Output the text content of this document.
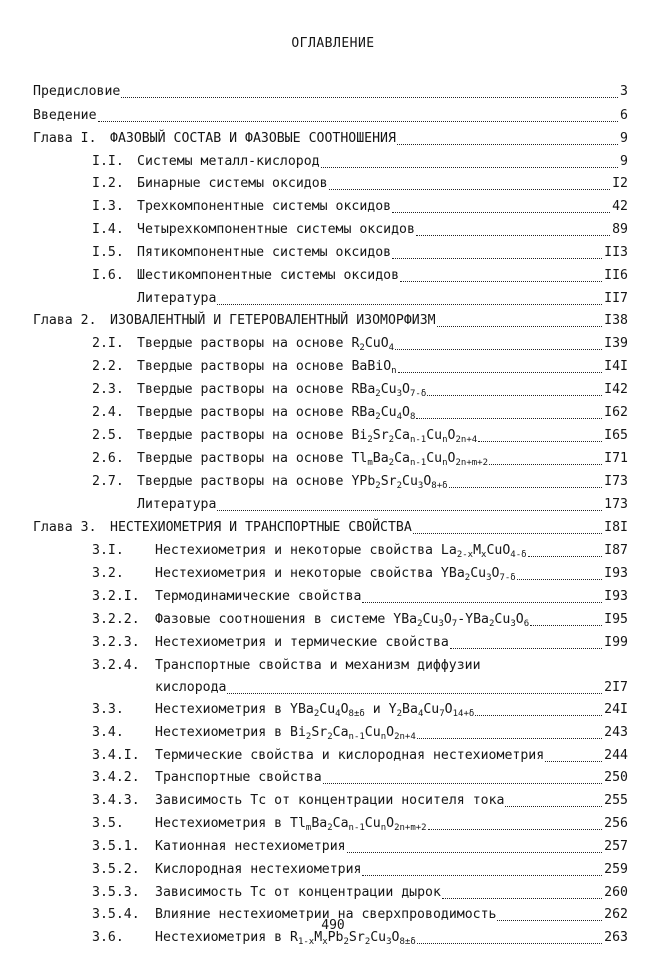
ОГЛАВЛЕНИЕ
Предисловие	3
Введение	6
Глава I.	ФАЗОВЫЙ СОСТАВ И ФАЗОВЫЕ СООТНОШЕНИЯ	9
I.I.	Системы металл-кислород	9
I.2.	Бинарные системы оксидов	I2
I.3.	Трехкомпонентные системы оксидов	42
I.4.	Четырехкомпонентные системы оксидов	89
I.5.	Пятикомпонентные системы оксидов	II3
I.6.	Шестикомпонентные системы оксидов	II6
Литература	II7
Глава 2.	ИЗОВАЛЕНТНЫЙ И ГЕТЕРОВАЛЕНТНЫЙ ИЗОМОРФИЗМ	I38
2.I.	Твердые растворы на основе $R_2CuO_4$	I39
2.2.	Твердые растворы на основе BaBiO$_n$	I4I
2.3.	Твердые растворы на основе $RBa_2Cu_3O_{7-\delta}$	I42
2.4.	Твердые растворы на основе $RBa_2Cu_4O_8$	I62
2.5.	Твердые растворы на основе $Bi_2Sr_2Ca_{n-1}Cu_nO_{2n+4}$	I65
2.6.	Твердые растворы на основе $Tl_mBa_2Ca_{n-1}Cu_nO_{2n+m+2}$	I71
2.7.	Твердые растворы на основе $YPb_2Sr_2Cu_3O_{8+\delta}$	I73
Литература	173
Глава 3.	НЕСТЕХИОМЕТРИЯ И ТРАНСПОРТНЫЕ СВОЙСТВА	I8I
3.I.	Нестехиометрия и некоторые свойства $La_{2-x}M_xCuO_{4-\delta}$	I87
3.2.	Нестехиометрия и некоторые свойства $YBa_2Cu_3O_{7-\delta}$	I93
3.2.I.	Термодинамические свойства	I93
3.2.2.	Фазовые соотношения в системе $YBa_2Cu_3O_7-YBa_2Cu_3O_6$	I95
3.2.3.	Нестехиометрия и термические свойства	I99
3.2.4.	Транспортные свойства и механизм диффузии
кислорода	2I7
3.3.	Нестехиометрия в $YBa_2Cu_4O_{8\pm\delta}$ и $Y_2Ba_4Cu_7O_{14+\delta}$	24I
3.4.	Нестехиометрия в $Bi_2Sr_2Ca_{n-1}Cu_nO_{2n+4}$	243
3.4.I.	Термические свойства и кислородная нестехиометрия	244
3.4.2.	Транспортные свойства	250
3.4.3.	Зависимость Tc от концентрации носителя тока	255
3.5.	Нестехиометрия в $Tl_mBa_2Ca_{n-1}Cu_nO_{2n+m+2}$	256
3.5.1.	Катионная нестехиометрия	257
3.5.2.	Кислородная нестехиометрия	259
3.5.3.	Зависимость Tc от концентрации дырок	260
3.5.4.	Влияние нестехиометрии на сверхпроводимость	262
3.6.	Нестехиометрия в $R_{1-x}M_xPb_2Sr_2Cu_3O_{8\pm\delta}$	263
490
